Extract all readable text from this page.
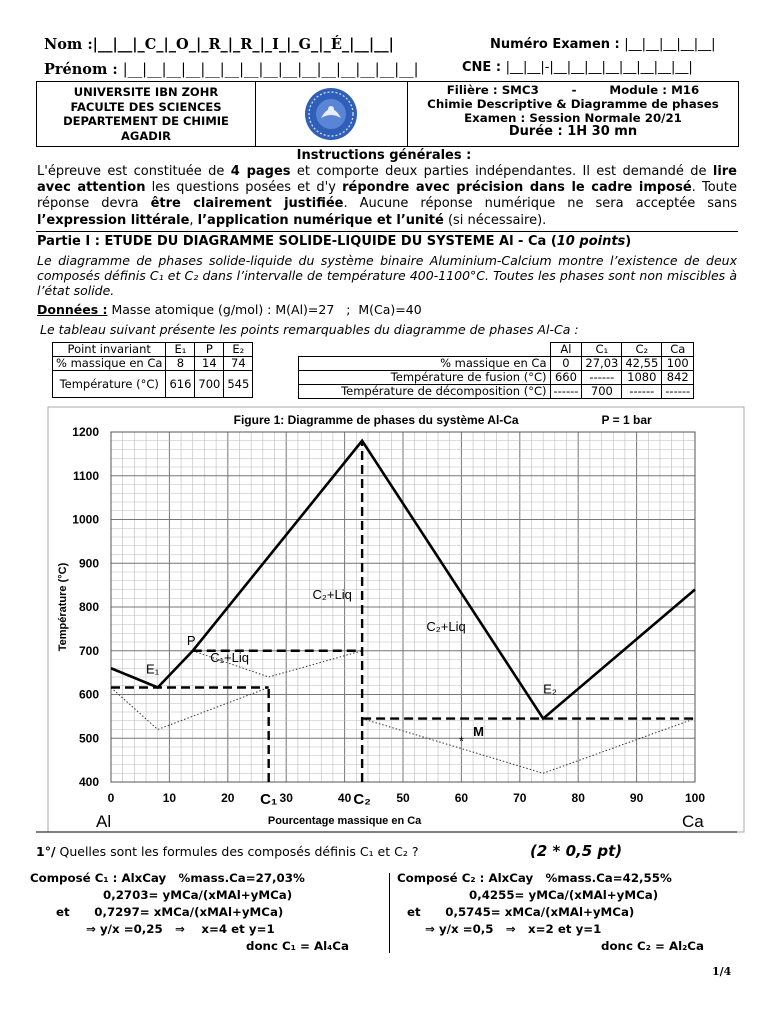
Nom :|__|__|_C_|_O_|_R_|_R_|_I_|_G_|_É_|__|__|
Prénom : |__|__|__|__|__|__|__|__|__|__|__|__|__|__|__|
Numéro Examen : |__|__|__|__|__|
CNE : |__|__|-|__|__|__|__|__|__|__|__|
UNIVERSITE IBN ZOHR
FACULTE DES SCIENCES
DEPARTEMENT DE CHIMIE
AGADIR
Filière : SMC3        -        Module : M16
Chimie Descriptive & Diagramme de phases
Examen : Session Normale 20/21
Durée : 1H 30 mn
Instructions générales :

L'épreuve est constituée de 4 pages et comporte deux parties indépendantes. Il est demandé de lire avec attention les questions posées et d'y répondre avec précision dans le cadre imposé. Toute réponse devra être clairement justifiée. Aucune réponse numérique ne sera acceptée sans l’expression littérale, l’application numérique et l’unité (si nécessaire).

Partie I : ETUDE DU DIAGRAMME SOLIDE-LIQUIDE DU SYSTEME Al - Ca (10 points)
Le diagramme de phases solide-liquide du système binaire Aluminium-Calcium montre l’existence de deux composés définis C₁ et C₂ dans l’intervalle de température 400-1100°C. Toutes les phases sont non miscibles à l’état solide.
Données : Masse atomique (g/mol) : M(Al)=27   ;  M(Ca)=40
Le tableau suivant présente les points remarquables du diagramme de phases Al-Ca :
Point invariant	E₁	P	E₂
% massique en Ca	8	14	74
Température (°C)	616	700	545
	Al	C₁	C₂	Ca
% massique en Ca	0	27,03	42,55	100
Température de fusion (°C)	660	------	1080	842
Température de décomposition (°C)	------	700	------	------
400
500
600
700
800
900
1000
1100
1200
0	10	20	30	40	50	60	70	80	90	100
Figure 1: Diagramme de phases du système Al-Ca	P = 1 bar
Pourcentage massique en Ca
Température (°C)	P
E₁
C₁+Liq
C₂+Liq
C₂+Liq
E₂
M
*
C₁	C₂
Al	Ca
1°/ Quelles sont les formules des composés définis C₁ et C₂ ?	(2 * 0,5 pt)
Composé C₁ : AlxCay   %mass.Ca=27,03%
0,2703= yMCa/(xMAl+yMCa)
et      0,7297= xMCa/(xMAl+yMCa)
⇒ y/x =0,25   ⇒    x=4 et y=1
donc C₁ = Al₄Ca
Composé C₂ : AlxCay   %mass.Ca=42,55%
0,4255= yMCa/(xMAl+yMCa)
et      0,5745= xMCa/(xMAl+yMCa)
⇒ y/x =0,5   ⇒   x=2 et y=1
donc C₂ = Al₂Ca
1/4
